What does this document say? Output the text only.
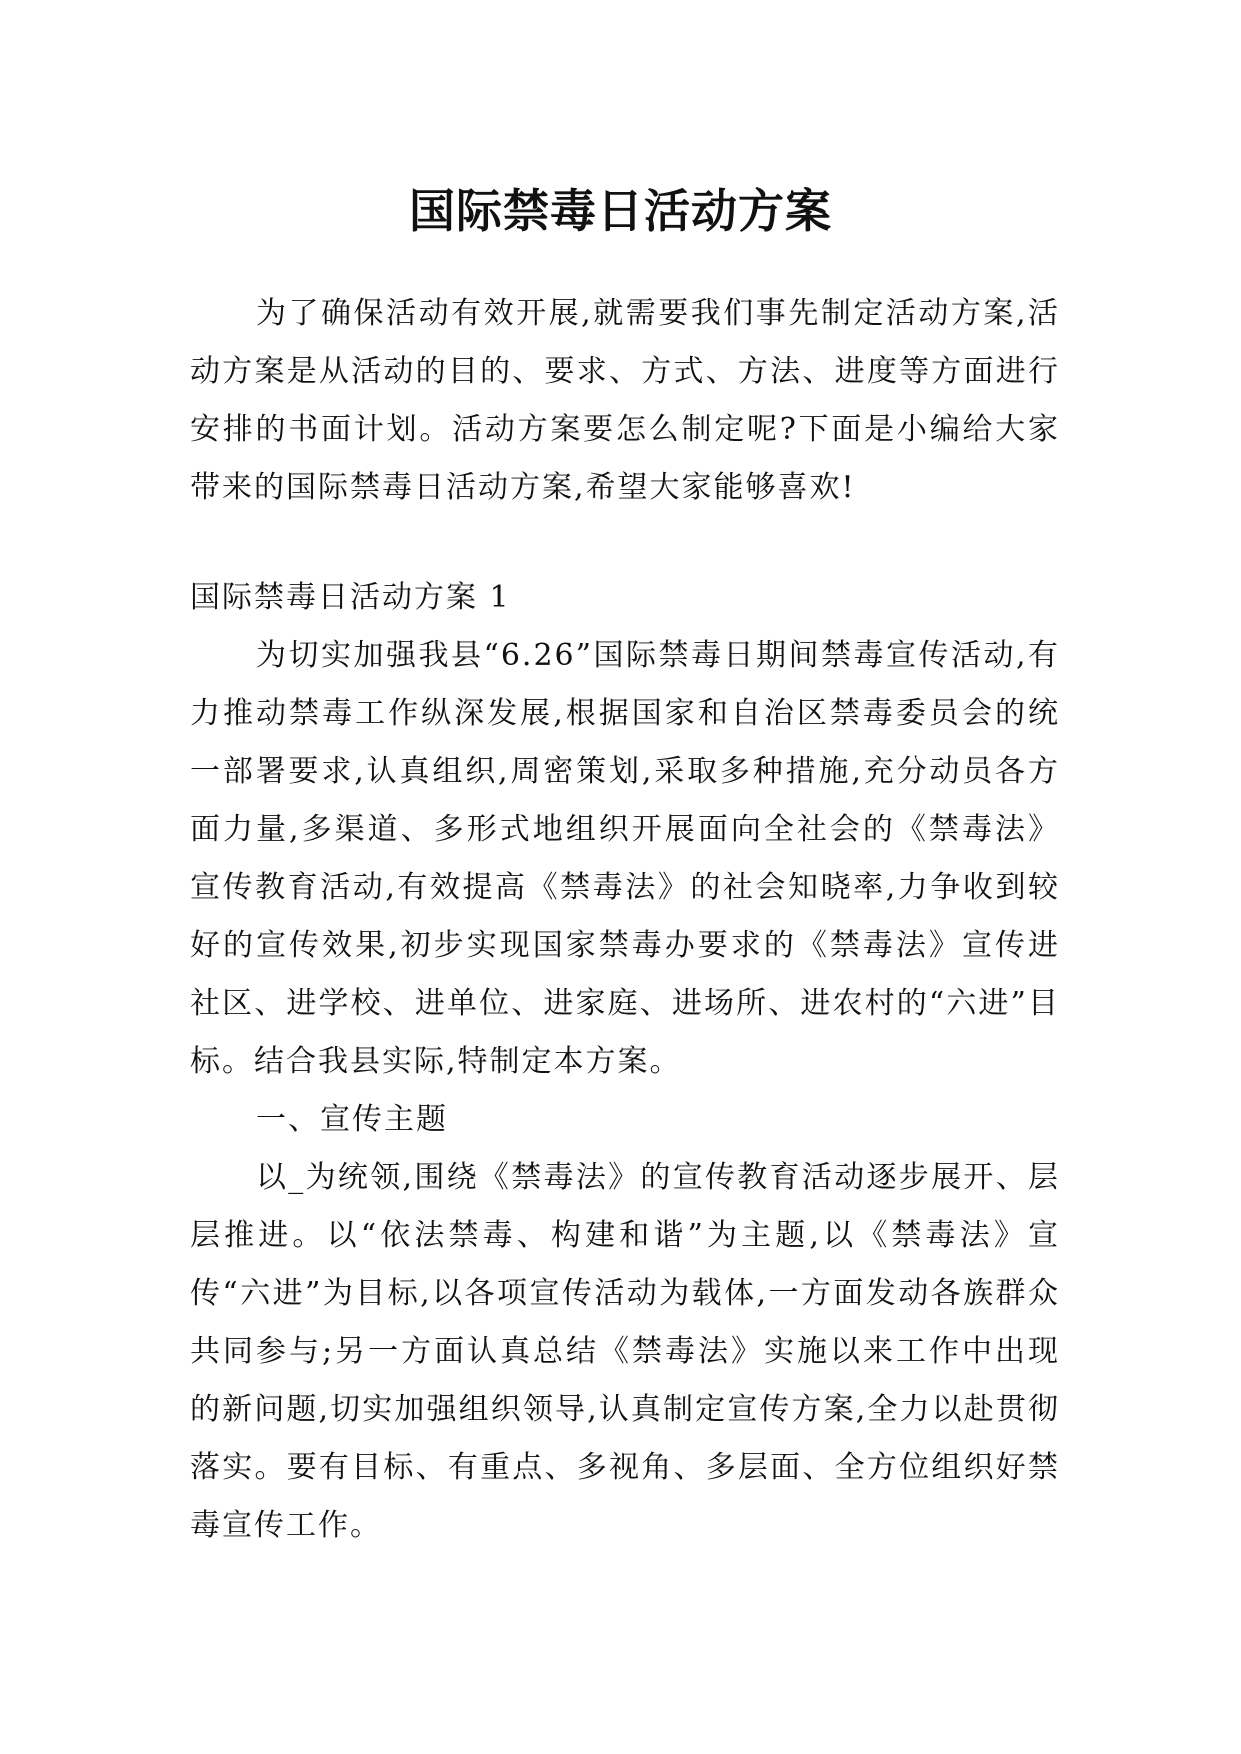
国际禁毒日活动方案

为了确保活动有效开展,就需要我们事先制定活动方案,活动方案是从活动的目的、要求、方式、方法、进度等方面进行安排的书面计划。活动方案要怎么制定呢?下面是小编给大家带来的国际禁毒日活动方案,希望大家能够喜欢!

国际禁毒日活动方案 1

为切实加强我县“6.26”国际禁毒日期间禁毒宣传活动,有力推动禁毒工作纵深发展,根据国家和自治区禁毒委员会的统一部署要求,认真组织,周密策划,采取多种措施,充分动员各方面力量,多渠道、多形式地组织开展面向全社会的《禁毒法》宣传教育活动,有效提高《禁毒法》的社会知晓率,力争收到较好的宣传效果,初步实现国家禁毒办要求的《禁毒法》宣传进社区、进学校、进单位、进家庭、进场所、进农村的“六进”目标。结合我县实际,特制定本方案。

一、宣传主题

以_为统领,围绕《禁毒法》的宣传教育活动逐步展开、层层推进。以“依法禁毒、构建和谐”为主题,以《禁毒法》宣传“六进”为目标,以各项宣传活动为载体,一方面发动各族群众共同参与;另一方面认真总结《禁毒法》实施以来工作中出现的新问题,切实加强组织领导,认真制定宣传方案,全力以赴贯彻落实。要有目标、有重点、多视角、多层面、全方位组织好禁毒宣传工作。
